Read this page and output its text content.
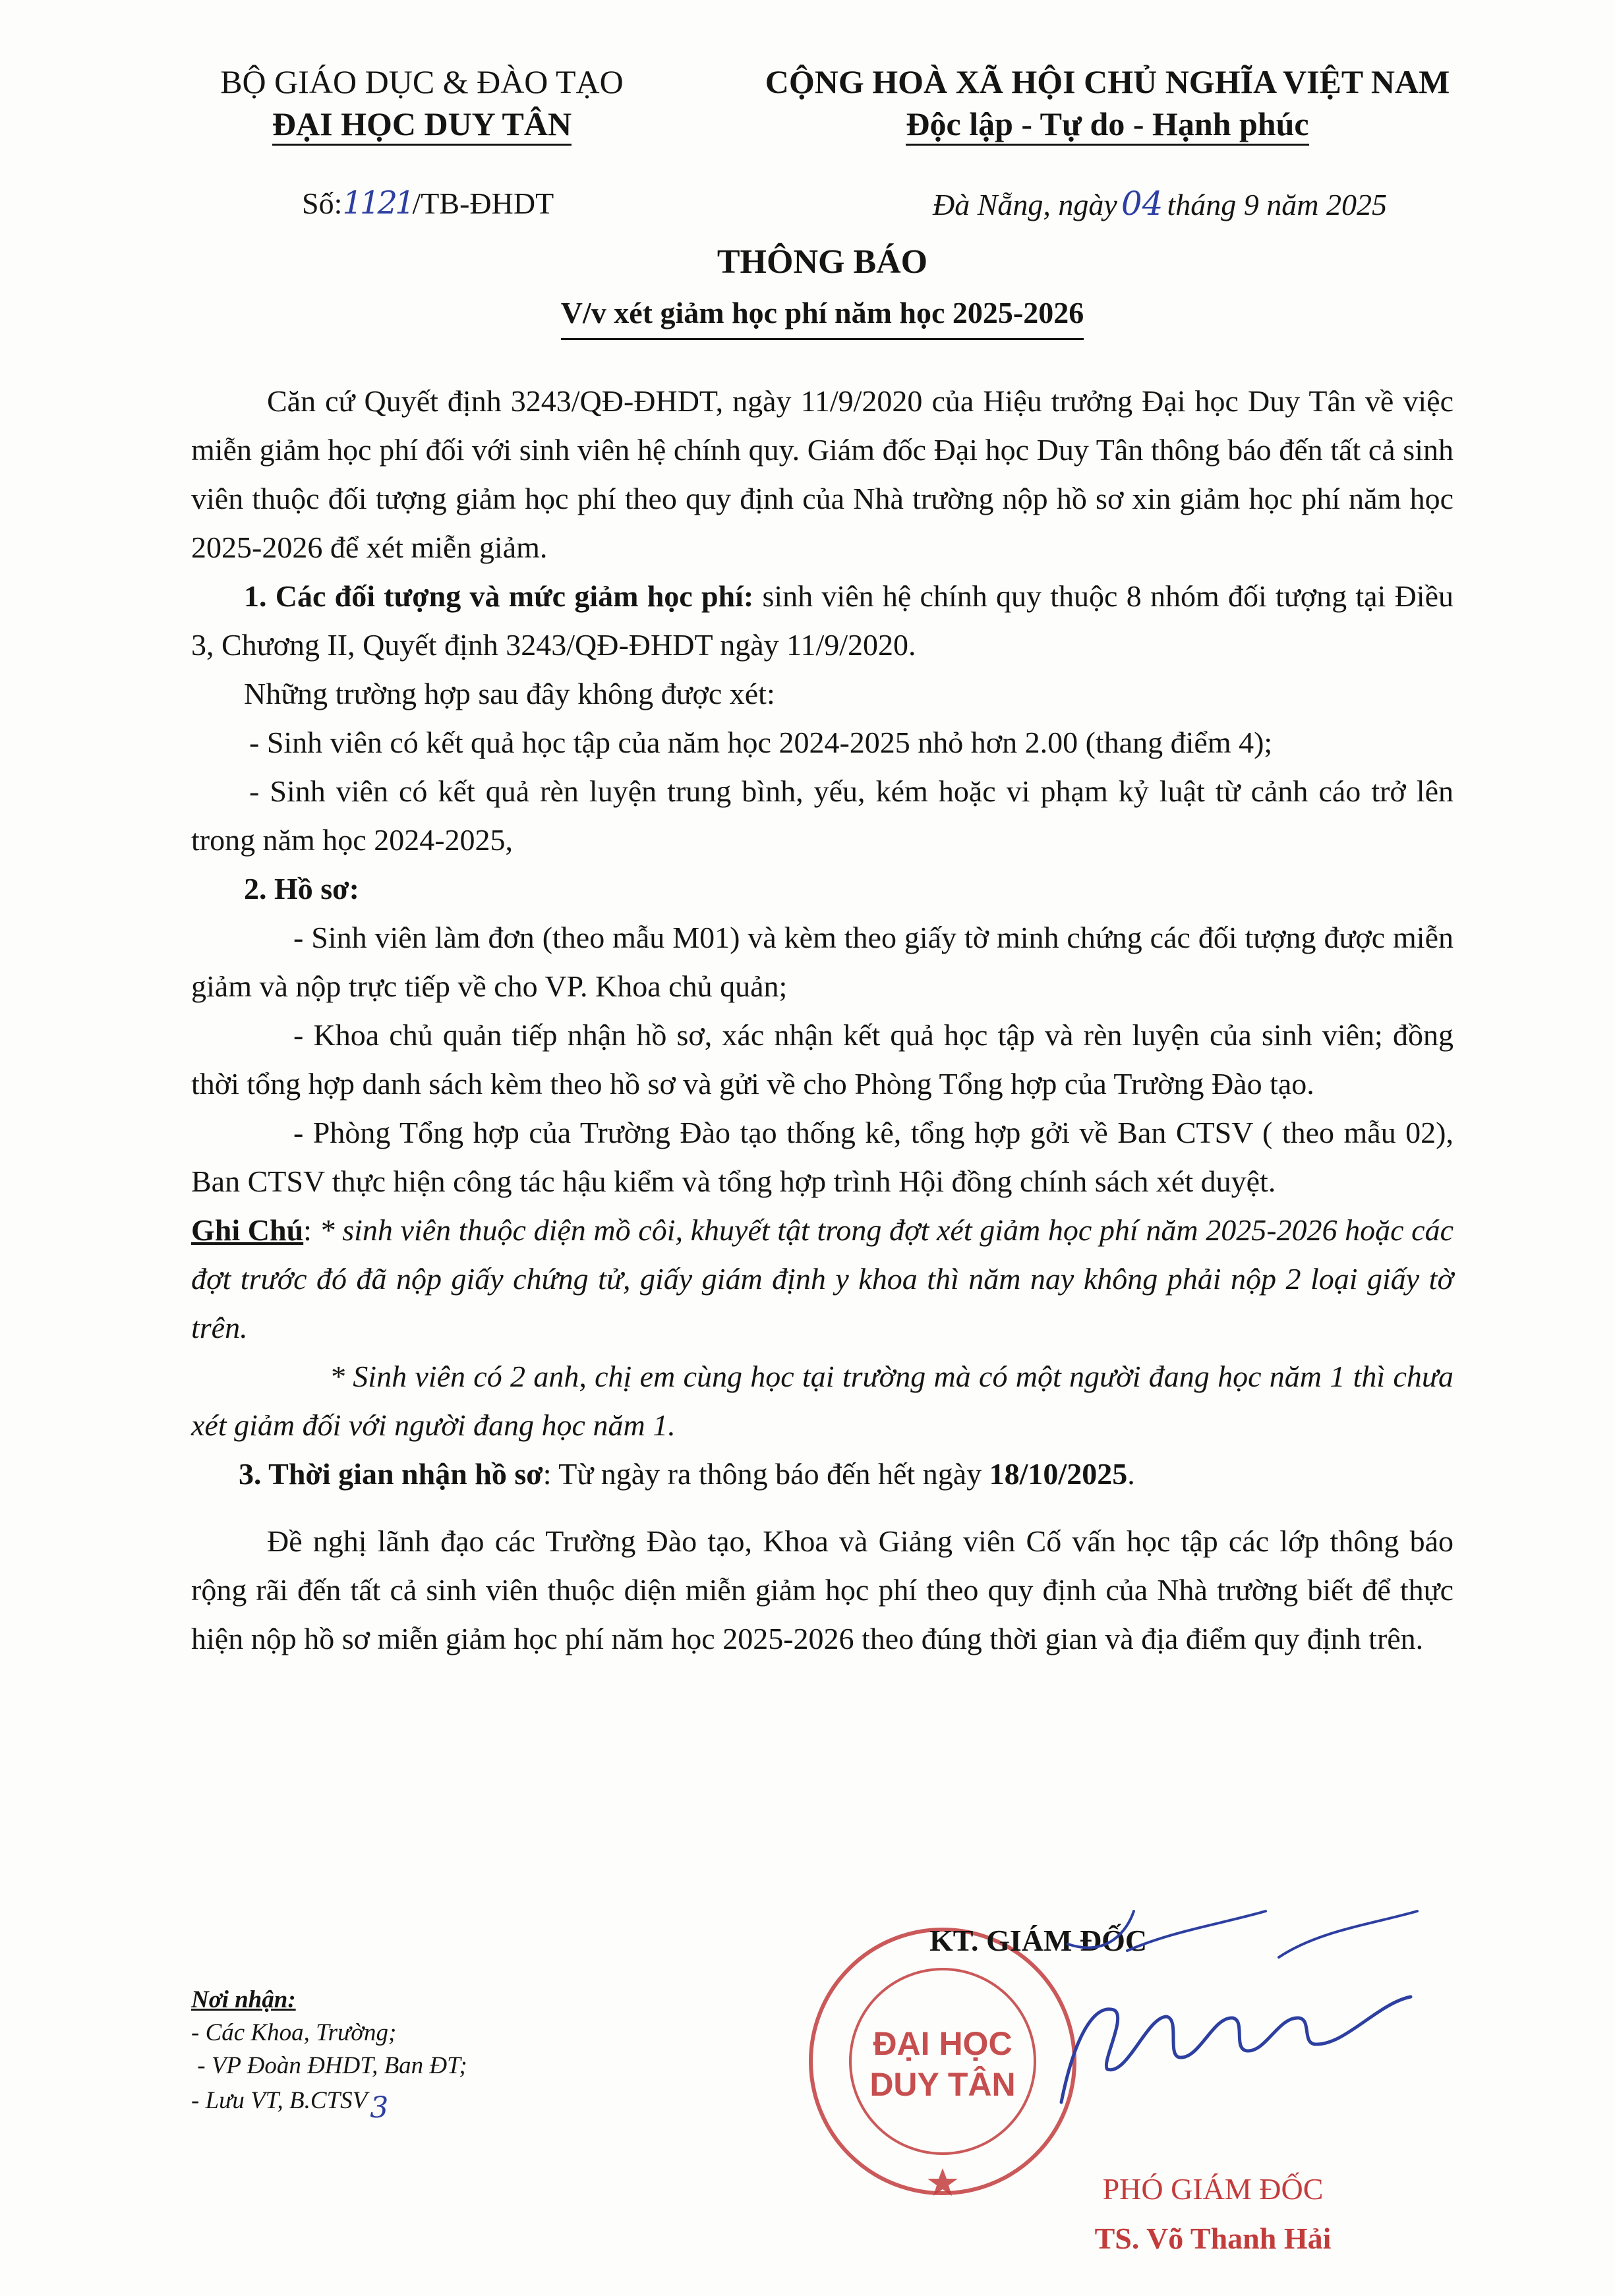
BỘ GIÁO DỤC & ĐÀO TẠO
ĐẠI HỌC DUY TÂN
CỘNG HOÀ XÃ HỘI CHỦ NGHĨA VIỆT NAM
Độc lập - Tự do - Hạnh phúc
Số:1121/TB-ĐHDT	Đà Nẵng, ngày 04 tháng 9 năm 2025
THÔNG BÁO
V/v xét giảm học phí năm học 2025-2026

Căn cứ Quyết định 3243/QĐ-ĐHDT, ngày 11/9/2020 của Hiệu trưởng Đại học Duy Tân về việc miễn giảm học phí đối với sinh viên hệ chính quy. Giám đốc Đại học Duy Tân thông báo đến tất cả sinh viên thuộc đối tượng giảm học phí theo quy định của Nhà trường nộp hồ sơ xin giảm học phí năm học 2025-2026 để xét miễn giảm.

1. Các đối tượng và mức giảm học phí: sinh viên hệ chính quy thuộc 8 nhóm đối tượng tại Điều 3, Chương II, Quyết định 3243/QĐ-ĐHDT ngày 11/9/2020.

Những trường hợp sau đây không được xét:

- Sinh viên có kết quả học tập của năm học 2024-2025 nhỏ hơn 2.00 (thang điểm 4);

- Sinh viên có kết quả rèn luyện trung bình, yếu, kém hoặc vi phạm kỷ luật từ cảnh cáo trở lên trong năm học 2024-2025,

2. Hồ sơ:

- Sinh viên làm đơn (theo mẫu M01) và kèm theo giấy tờ minh chứng các đối tượng được miễn giảm và nộp trực tiếp về cho VP. Khoa chủ quản;

- Khoa chủ quản tiếp nhận hồ sơ, xác nhận kết quả học tập và rèn luyện của sinh viên; đồng thời tổng hợp danh sách kèm theo hồ sơ và gửi về cho Phòng Tổng hợp của Trường Đào tạo.

- Phòng Tổng hợp của Trường Đào tạo thống kê, tổng hợp gởi về Ban CTSV ( theo mẫu 02), Ban CTSV thực hiện công tác hậu kiểm và tổng hợp trình Hội đồng chính sách xét duyệt.

Ghi Chú: * sinh viên thuộc diện mồ côi, khuyết tật trong đợt xét giảm học phí năm 2025-2026 hoặc các đợt trước đó đã nộp giấy chứng tử, giấy giám định y khoa thì năm nay không phải nộp 2 loại giấy tờ trên.

* Sinh viên có 2 anh, chị em cùng học tại trường mà có một người đang học năm 1 thì chưa xét giảm đối với người đang học năm 1.

3. Thời gian nhận hồ sơ: Từ ngày ra thông báo đến hết ngày 18/10/2025.

Đề nghị lãnh đạo các Trường Đào tạo, Khoa và Giảng viên Cố vấn học tập các lớp thông báo rộng rãi đến tất cả sinh viên thuộc diện miễn giảm học phí theo quy định của Nhà trường biết để thực hiện nộp hồ sơ miễn giảm học phí năm học 2025-2026 theo đúng thời gian và địa điểm quy định trên.

Nơi nhận:
- Các Khoa, Trường;
- VP Đoàn ĐHDT, Ban ĐT;
- Lưu VT, B.CTSV3
ĐẠI HỌC
DUY TÂN
KT. GIÁM ĐỐC
PHÓ GIÁM ĐỐC
TS. Võ Thanh Hải
